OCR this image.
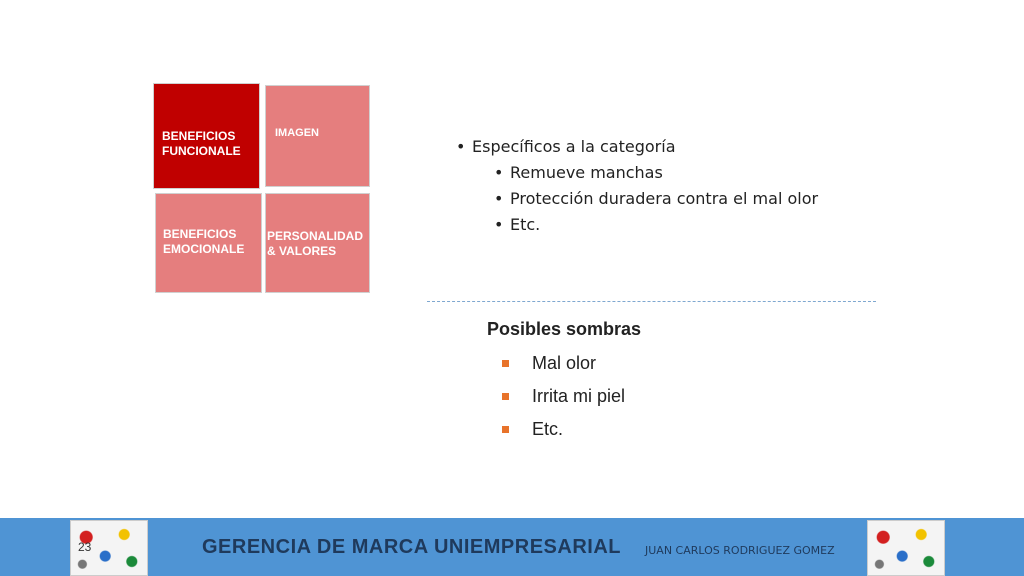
BENEFICIOS
FUNCIONALE
IMAGEN
BENEFICIOS
EMOCIONALE
PERSONALIDAD
& VALORES
• Específicos a la categoría
• Remueve manchas
• Protección duradera contra el mal olor
• Etc.
Posibles sombras
Mal olor
Irrita mi piel
Etc.
23	GERENCIA DE MARCA UNIEMPRESARIAL JUAN CARLOS RODRIGUEZ GOMEZ
